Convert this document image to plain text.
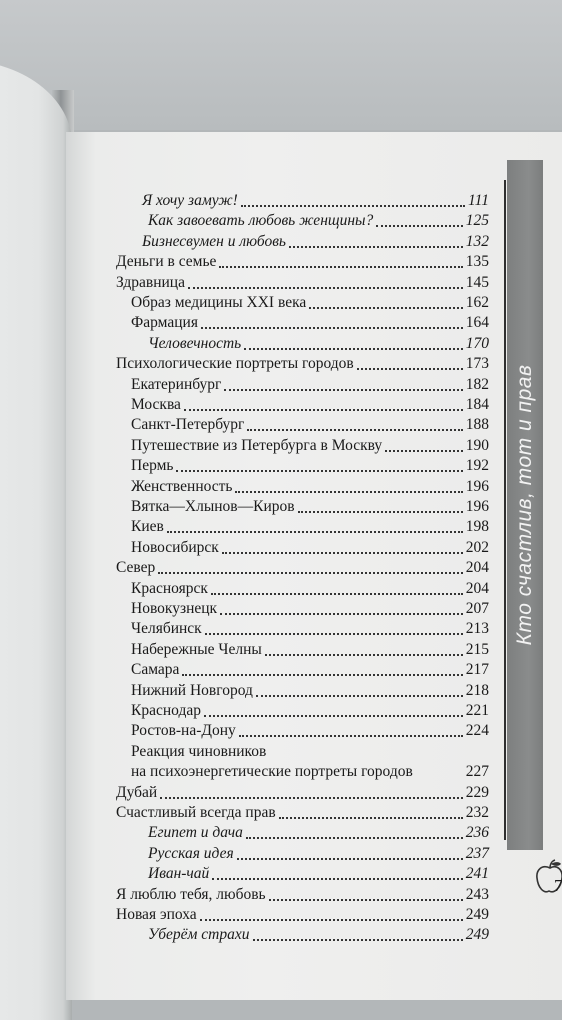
Я хочу замуж!	111
Как завоевать любовь женщины?	125
Бизнесвумен и любовь	132
Деньги в семье	135
Здравница	145
Образ медицины XXI века	162
Фармация	164
Человечность	170
Психологические портреты городов	173
Екатеринбург	182
Москва	184
Санкт-Петербург	188
Путешествие из Петербурга в Москву	190
Пермь	192
Женственность	196
Вятка—Хлынов—Киров	196
Киев	198
Новосибирск	202
Север	204
Красноярск	204
Новокузнецк	207
Челябинск	213
Набережные Челны	215
Самара	217
Нижний Новгород	218
Краснодар	221
Ростов-на-Дону	224
Реакция чиновников
на психоэнергетические портреты городов	227
Дубай	229
Счастливый всегда прав	232
Египет и дача	236
Русская идея	237
Иван-чай	241
Я люблю тебя, любовь	243
Новая эпоха	249
Уберём страхи	249
Кто счастлив, тот и прав
7
